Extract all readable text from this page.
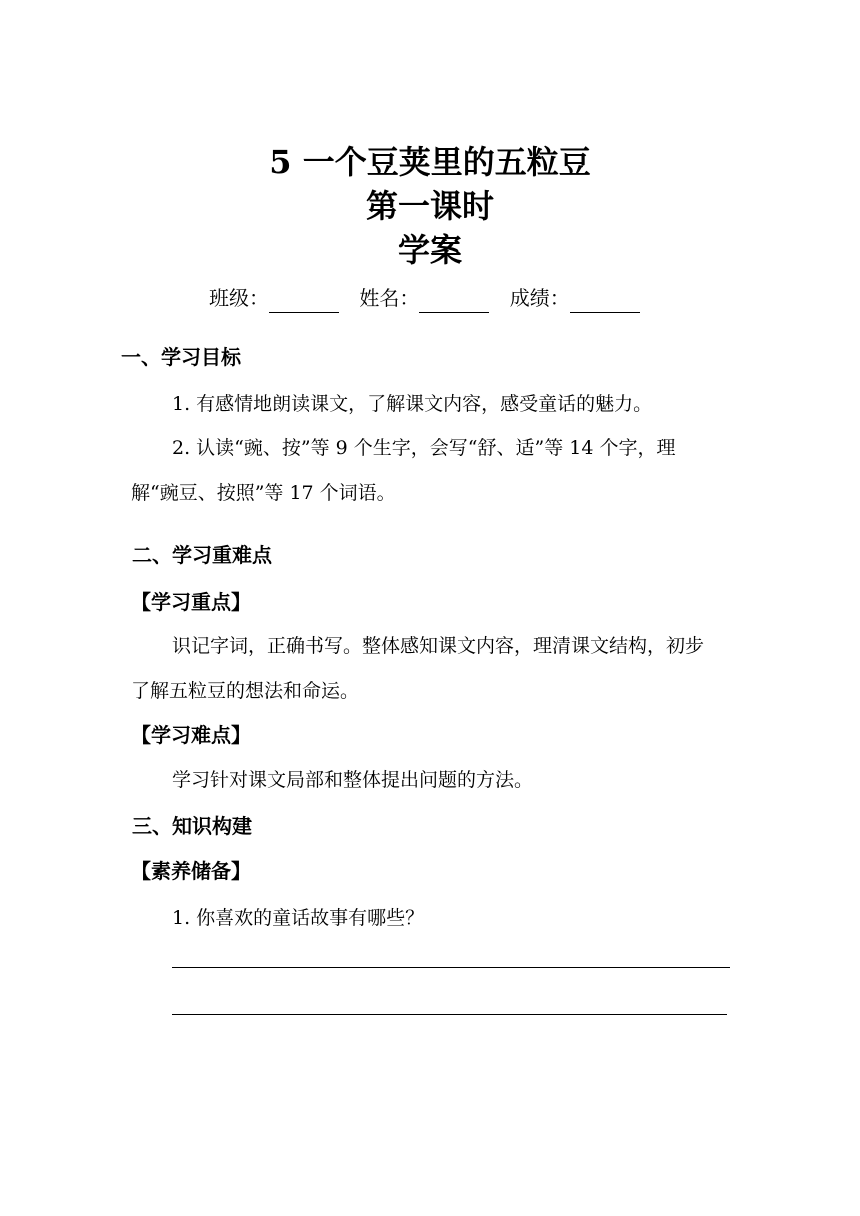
5 一个豆荚里的五粒豆
第一课时
学案
班级：	姓名：	成绩：
一、学习目标
1. 有感情地朗读课文，了解课文内容，感受童话的魅力。
2. 认读“豌、按”等 9 个生字，会写“舒、适”等 14 个字，理
解“豌豆、按照”等 17 个词语。
二、学习重难点
【学习重点】
识记字词，正确书写。整体感知课文内容，理清课文结构，初步
了解五粒豆的想法和命运。
【学习难点】
学习针对课文局部和整体提出问题的方法。
三、知识构建
【素养储备】
1. 你喜欢的童话故事有哪些？
